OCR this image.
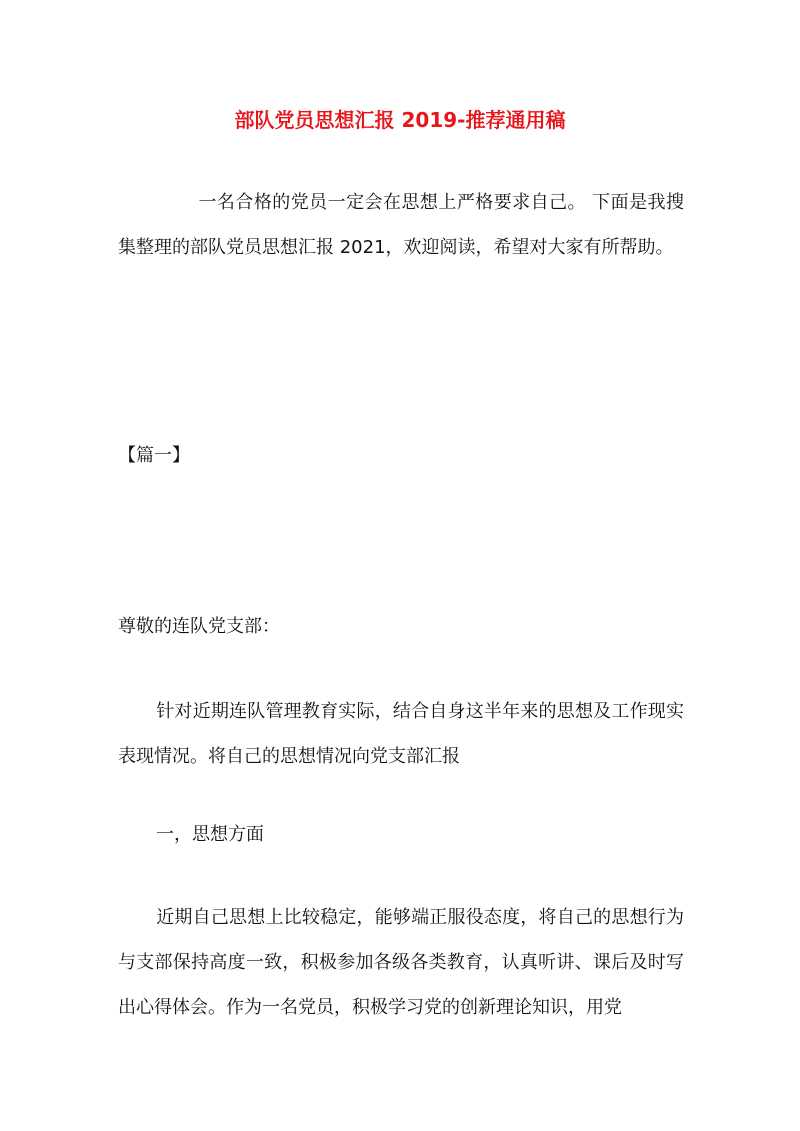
部队党员思想汇报 2019-推荐通用稿

一名合格的党员一定会在思想上严格要求自己。 下面是我搜集整理的部队党员思想汇报 2021，欢迎阅读，希望对大家有所帮助。

【篇一】

尊敬的连队党支部：

针对近期连队管理教育实际，结合自身这半年来的思想及工作现实表现情况。将自己的思想情况向党支部汇报

一，思想方面

近期自己思想上比较稳定，能够端正服役态度，将自己的思想行为与支部保持高度一致，积极参加各级各类教育，认真听讲、课后及时写出心得体会。作为一名党员，积极学习党的创新理论知识，用党
